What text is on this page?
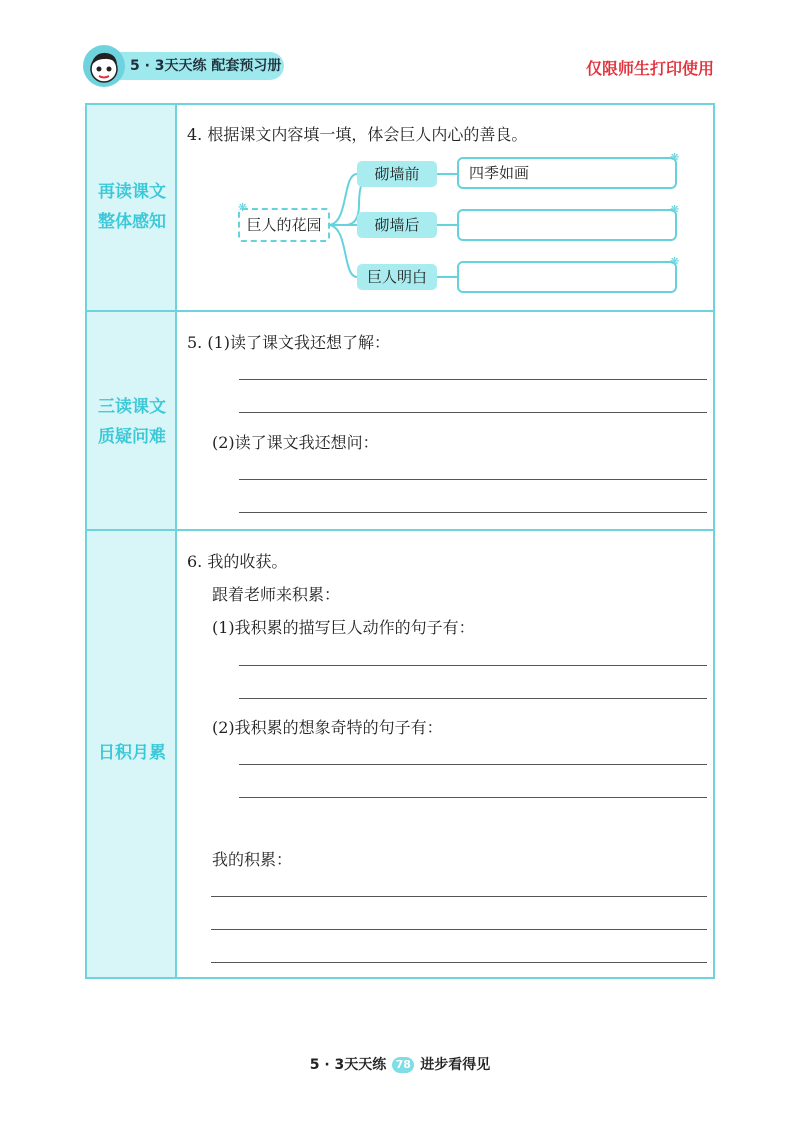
5 · 3天天练 配套预习册	仅限师生打印使用
再读课文
整体感知
三读课文
质疑问难
日积月累
4. 根据课文内容填一填，体会巨人内心的善良。
巨人的花园
❋
砌墙前
砌墙后
巨人明白
四季如画
❋
❋
❋
5. (1)读了课文我还想了解：
(2)读了课文我还想问：
6. 我的收获。
跟着老师来积累：
(1)我积累的描写巨人动作的句子有：
(2)我积累的想象奇特的句子有：
我的积累：
5 · 3天天练 78 进步看得见
